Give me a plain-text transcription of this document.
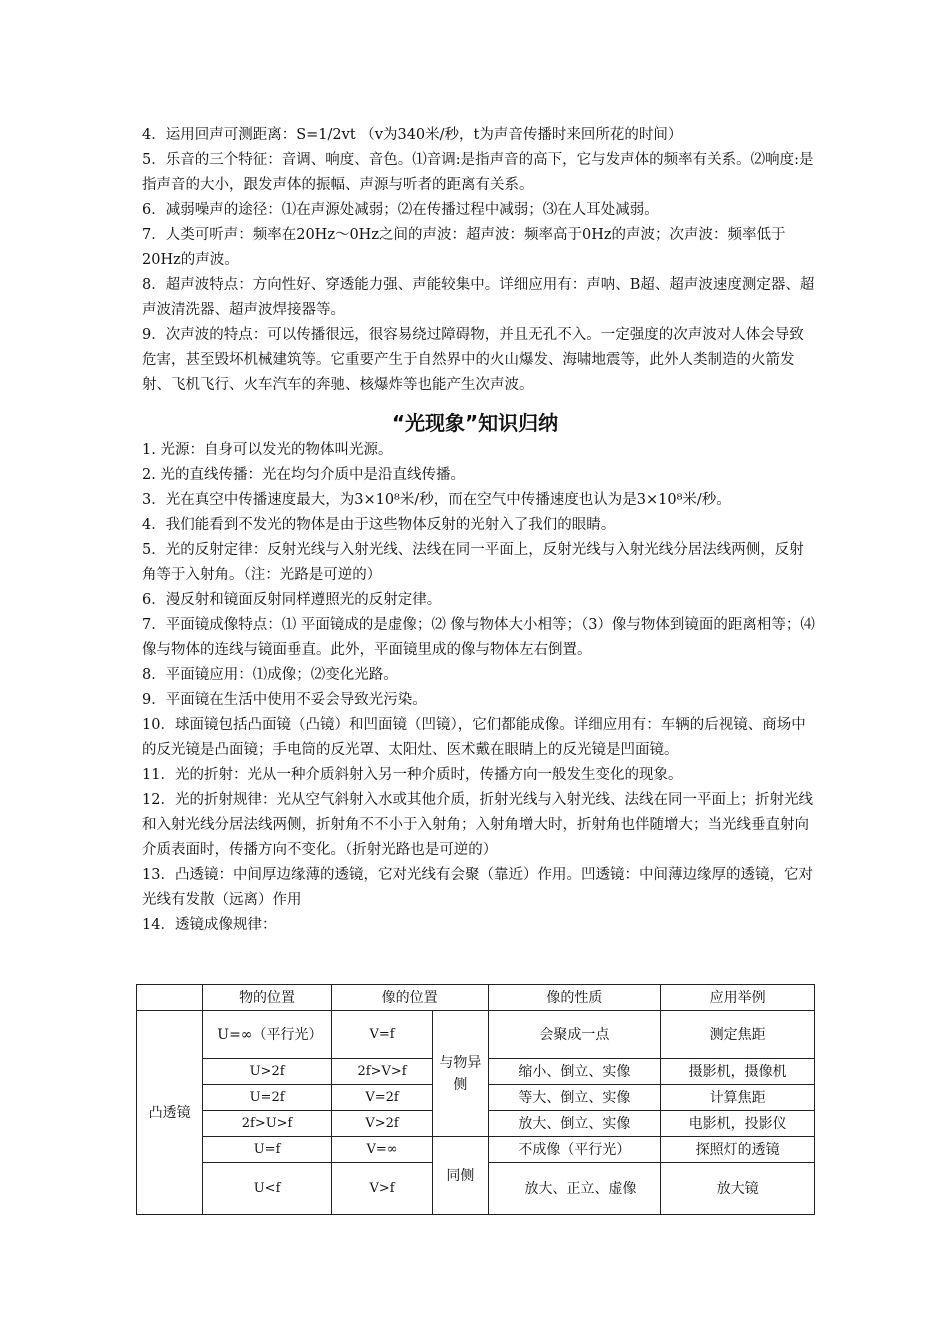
4．运用回声可测距离：S=1/2vt （v为340米/秒，t为声音传播时来回所花的时间）

5．乐音的三个特征：音调、响度、音色。⑴音调:是指声音的高下，它与发声体的频率有关系。⑵响度:是指声音的大小，跟发声体的振幅、声源与听者的距离有关系。

6．减弱噪声的途径：⑴在声源处减弱；⑵在传播过程中减弱；⑶在人耳处减弱。

7．人类可听声：频率在20Hz～0Hz之间的声波：超声波：频率高于0Hz的声波；次声波：频率低于20Hz的声波。

8．超声波特点：方向性好、穿透能力强、声能较集中。详细应用有：声呐、B超、超声波速度测定器、超声波清洗器、超声波焊接器等。

9．次声波的特点：可以传播很远，很容易绕过障碍物，并且无孔不入。一定强度的次声波对人体会导致危害，甚至毁坏机械建筑等。它重要产生于自然界中的火山爆发、海啸地震等，此外人类制造的火箭发射、飞机飞行、火车汽车的奔驰、核爆炸等也能产生次声波。

“光现象”知识归纳

1. 光源：自身可以发光的物体叫光源。

2. 光的直线传播：光在均匀介质中是沿直线传播。

3．光在真空中传播速度最大，为3×10⁸米/秒，而在空气中传播速度也认为是3×10⁸米/秒。

4．我们能看到不发光的物体是由于这些物体反射的光射入了我们的眼睛。

5．光的反射定律：反射光线与入射光线、法线在同一平面上，反射光线与入射光线分居法线两侧，反射角等于入射角。（注：光路是可逆的）

6．漫反射和镜面反射同样遵照光的反射定律。

7．平面镜成像特点：⑴ 平面镜成的是虚像；⑵ 像与物体大小相等；（3）像与物体到镜面的距离相等；⑷像与物体的连线与镜面垂直。此外，平面镜里成的像与物体左右倒置。

8．平面镜应用：⑴成像；⑵变化光路。

9．平面镜在生活中使用不妥会导致光污染。

10．球面镜包括凸面镜（凸镜）和凹面镜（凹镜），它们都能成像。详细应用有：车辆的后视镜、商场中的反光镜是凸面镜；手电筒的反光罩、太阳灶、医术戴在眼睛上的反光镜是凹面镜。

11．光的折射：光从一种介质斜射入另一种介质时，传播方向一般发生变化的现象。

12．光的折射规律：光从空气斜射入水或其他介质，折射光线与入射光线、法线在同一平面上；折射光线和入射光线分居法线两侧，折射角不不小于入射角；入射角增大时，折射角也伴随增大；当光线垂直射向介质表面时，传播方向不变化。（折射光路也是可逆的）

13．凸透镜：中间厚边缘薄的透镜，它对光线有会聚（靠近）作用。凹透镜：中间薄边缘厚的透镜，它对光线有发散（远离）作用

14．透镜成像规律：

	物的位置	像的位置		像的性质	应用举例
凸透镜	U=∞（平行光）	V=f	与物异侧	会聚成一点	测定焦距
	U>2f	2f>V>f		缩小、倒立、实像	摄影机，摄像机
	U=2f	V=2f		等大、倒立、实像	计算焦距
	2f>U>f	V>2f		放大、倒立、实像	电影机，投影仪
	U=f	V=∞	同侧	不成像（平行光）	探照灯的透镜
	U<f	V>f		放大、正立、虚像	放大镜
